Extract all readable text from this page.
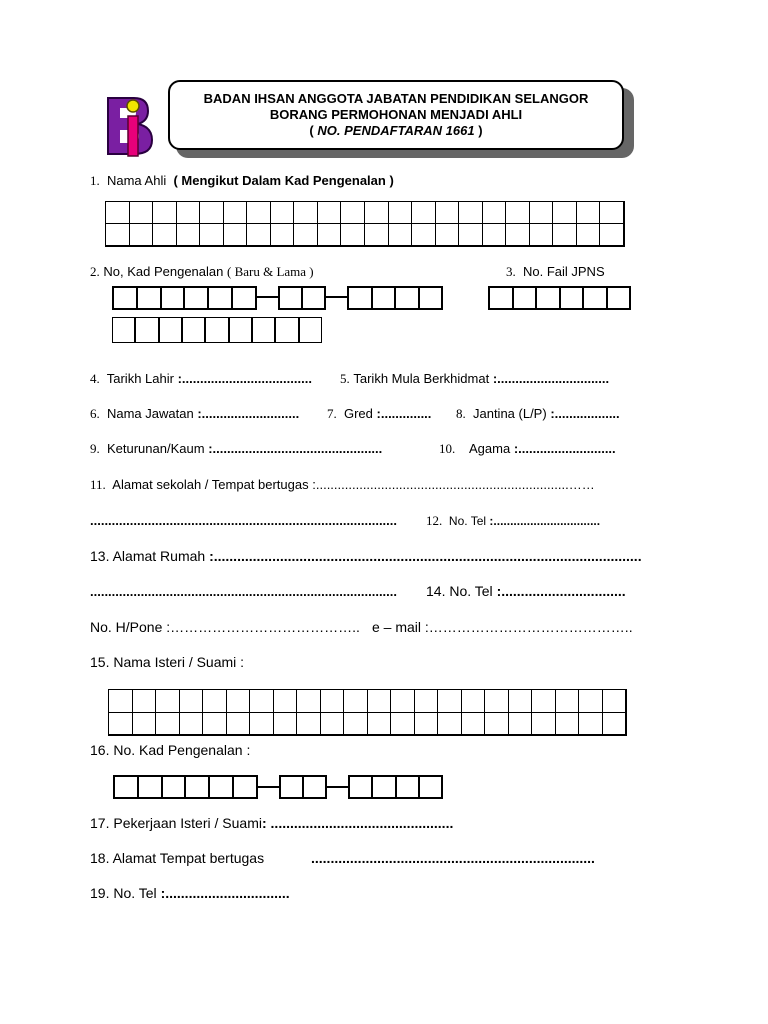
BADAN IHSAN ANGGOTA JABATAN PENDIDIKAN SELANGOR
BORANG PERMOHONAN MENJADI AHLI
( NO. PENDAFTARAN 1661 )
1. Nama Ahli ( Mengikut Dalam Kad Pengenalan )
2. No, Kad Pengenalan ( Baru & Lama )	3. No. Fail JPNS
4. Tarikh Lahir :.................................... 5. Tarikh Mula Berkhidmat :...............................
6. Nama Jawatan :........................... 7. Gred :.............. 8. Jantina (L/P) :..................
9. Keturunan/Kaum :...............................................	10. Agama :...........................
11. Alamat sekolah / Tempat bertugas :......................................................................……
..................................................................................... 12. No. Tel :................................
13. Alamat Rumah :..............................................................................................................
..................................................................................... 14. No. Tel :................................
No. H/Pone :………………………………….. e – mail :……………………………………..
15. Nama Isteri / Suami :
16. No. Kad Pengenalan :
17. Pekerjaan Isteri / Suami: ...............................................
18. Alamat Tempat bertugas	.........................................................................
19. No. Tel :................................
